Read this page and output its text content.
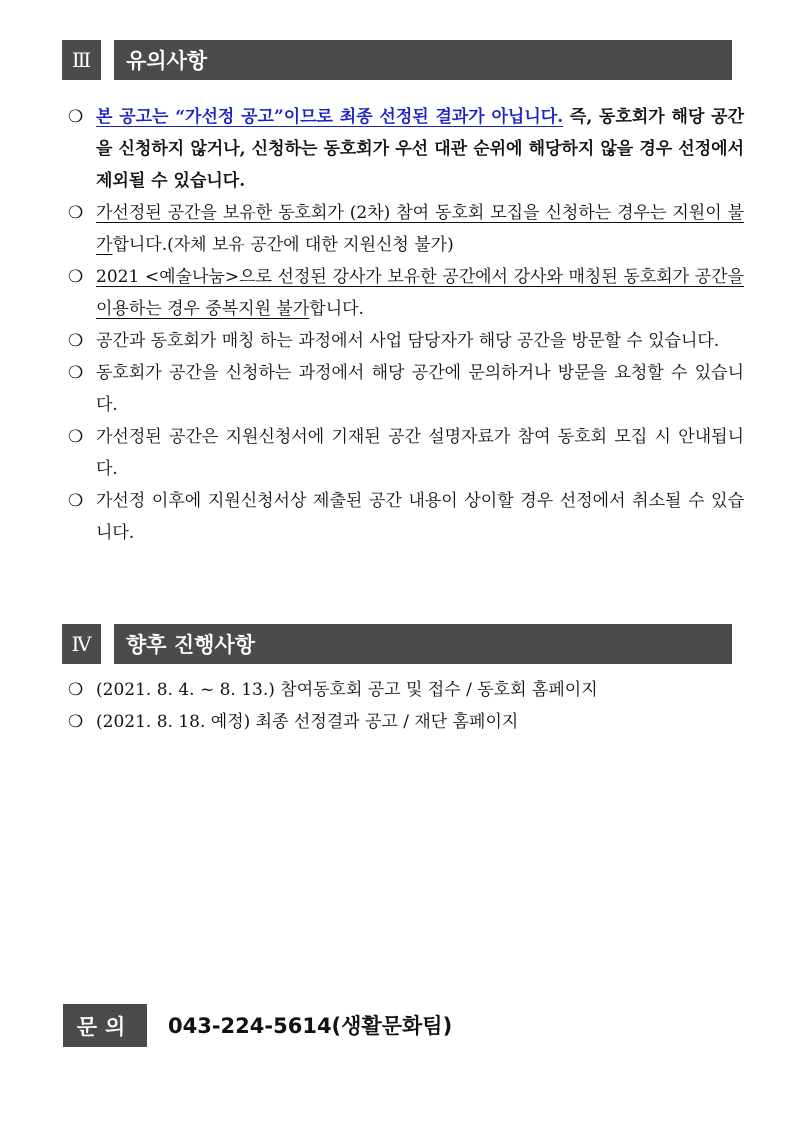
Ⅲ	유의사항
❍ 본 공고는 “가선정 공고”이므로 최종 선정된 결과가 아닙니다. 즉, 동호회가 해당 공간을 신청하지 않거나, 신청하는 동호회가 우선 대관 순위에 해당하지 않을 경우 선정에서 제외될 수 있습니다.
❍ 가선정된 공간을 보유한 동호회가 (2차) 참여 동호회 모집을 신청하는 경우는 지원이 불가합니다.(자체 보유 공간에 대한 지원신청 불가)
❍ 2021 <예술나눔>으로 선정된 강사가 보유한 공간에서 강사와 매칭된 동호회가 공간을 이용하는 경우 중복지원 불가합니다.
❍ 공간과 동호회가 매칭 하는 과정에서 사업 담당자가 해당 공간을 방문할 수 있습니다.
❍ 동호회가 공간을 신청하는 과정에서 해당 공간에 문의하거나 방문을 요청할 수 있습니다.
❍ 가선정된 공간은 지원신청서에 기재된 공간 설명자료가 참여 동호회 모집 시 안내됩니다.
❍ 가선정 이후에 지원신청서상 제출된 공간 내용이 상이할 경우 선정에서 취소될 수 있습니다.
Ⅳ	향후 진행사항
❍ (2021. 8. 4. ~ 8. 13.) 참여동호회 공고 및 접수 / 동호회 홈페이지
❍ (2021. 8. 18. 예정) 최종 선정결과 공고 / 재단 홈페이지
문의	043-224-5614(생활문화팀)
